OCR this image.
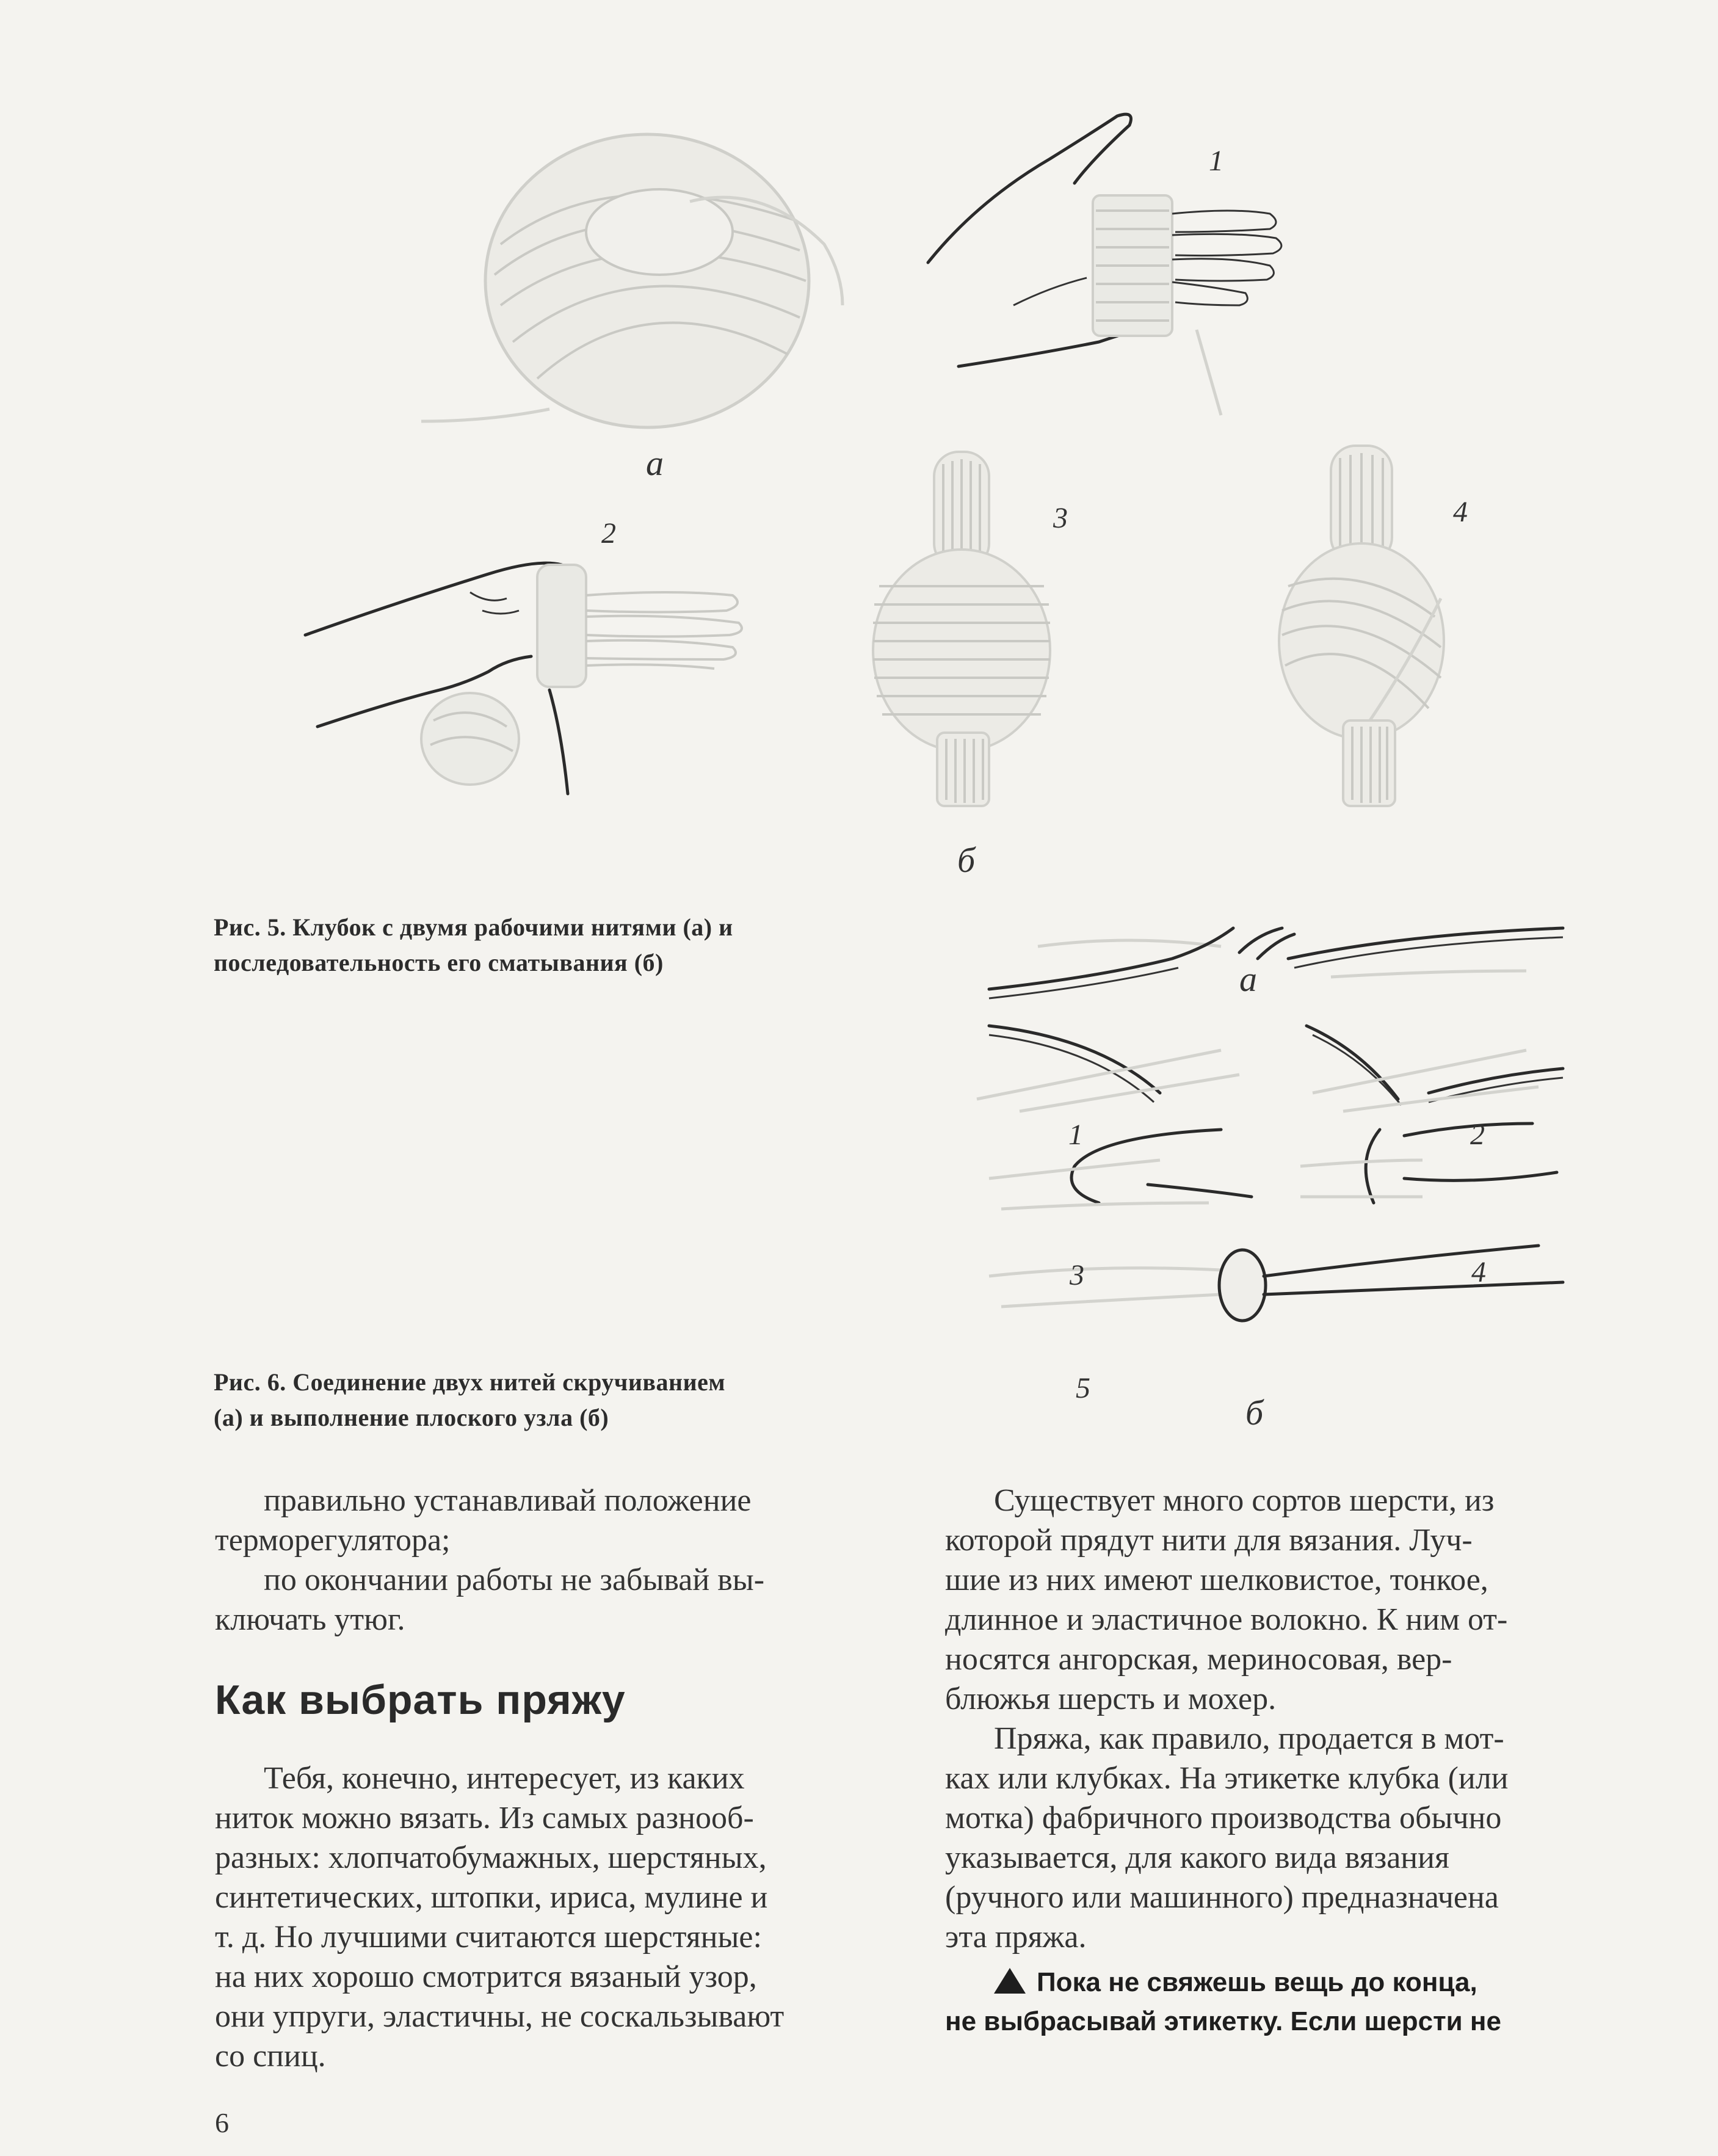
а
1
2	3	4
б
Рис. 5. Клубок с двумя рабочими нитями (а) и
последовательность его сматывания (б)	а
1	2
3	4
5
б
Рис. 6. Соединение двух нитей скручиванием
(а) и выполнение плоского узла (б)

правильно устанавливай положение

терморегулятора;

по окончании работы не забывай вы-

ключать утюг.

Как выбрать пряжу

Тебя, конечно, интересует, из каких

ниток можно вязать. Из самых разнооб-

разных: хлопчатобумажных, шерстяных,

синтетических, штопки, ириса, мулине и

т. д. Но лучшими считаются шерстяные:

на них хорошо смотрится вязаный узор,

они упруги, эластичны, не соскальзывают

со спиц.

Существует много сортов шерсти, из

которой прядут нити для вязания. Луч-

шие из них имеют шелковистое, тонкое,

длинное и эластичное волокно. К ним от-

носятся ангорская, мериносовая, вер-

блюжья шерсть и мохер.

Пряжа, как правило, продается в мот-

ках или клубках. На этикетке клубка (или

мотка) фабричного производства обычно

указывается, для какого вида вязания

(ручного или машинного) предназначена

эта пряжа.

Пока не свяжешь вещь до конца,
не выбрасывай этикетку. Если шерсти не
6
